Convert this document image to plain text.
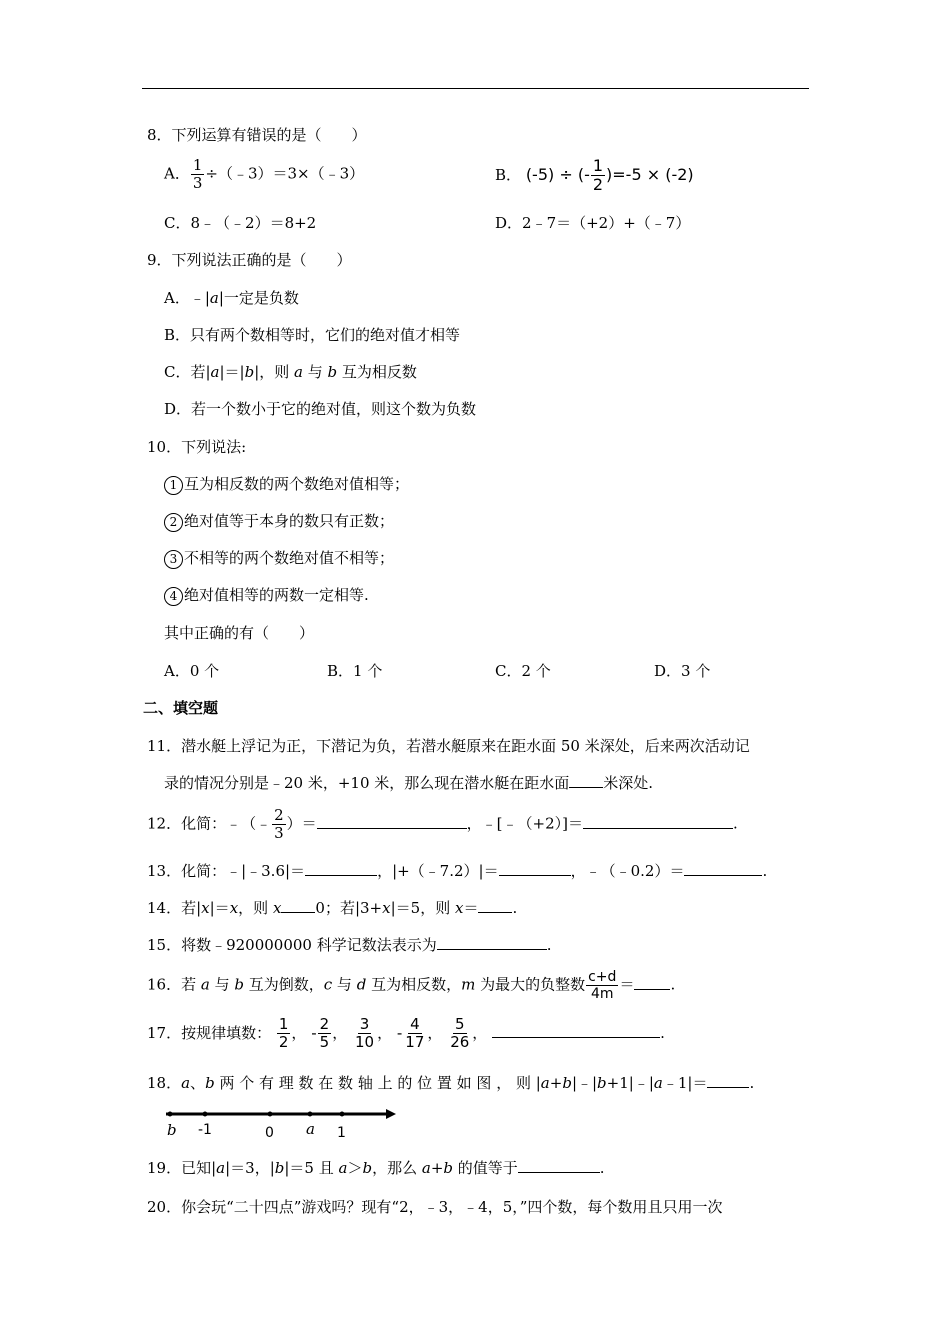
8．下列运算有错误的是（　　）
A． $\frac{1}{3}$ ÷（﹣3）＝3×（﹣3）	B． (-5) ÷ (- $\frac{1}{2} )=-5 \times (-2)$
C．8﹣（﹣2）＝8+2	D．2﹣7＝（+2）+（﹣7）
9．下列说法正确的是（　　）
A．﹣|a|一定是负数
B．只有两个数相等时，它们的绝对值才相等
C．若|a|＝|b|，则 a 与 b 互为相反数
D．若一个数小于它的绝对值，则这个数为负数
10．下列说法:
1 互为相反数的两个数绝对值相等；
2 绝对值等于本身的数只有正数；
3 不相等的两个数绝对值不相等；
4 绝对值相等的两数一定相等.
其中正确的有（　　）
A．0 个	B．1 个	C．2 个	D．3 个
二、填空题
11．潜水艇上浮记为正，下潜记为负，若潜水艇原来在距水面 50 米深处，后来两次活动记
录的情况分别是﹣20 米，+10 米，那么现在潜水艇在距水面 米深处.
12．化简：﹣（﹣ $\frac{2}{3}$ ）＝	，﹣[﹣（+2）]＝	.
13．化简：﹣|﹣3.6|＝	，|+（﹣7.2）|＝	，﹣（﹣0.2）＝	.
14．若|x|＝x，则 x 0；若|3+x|＝5，则 x＝ .
15．将数﹣920000000 科学记数法表示为	.
16．若 a 与 b 互为倒数，c 与 d 互为相反数，m 为最大的负整数 $\frac{c+d}{4m}$ ＝ .
17．按规律填数： $\frac{1}{2}$ ， - $\frac{2}{5}$ ， $\frac{3}{10}$ ， - $\frac{4}{17}$ ， $\frac{5}{26}$ ，	.
18．a、b 两 个 有 理 数 在 数 轴 上 的 位 置 如 图 ， 则 |a+b|﹣|b+1|﹣|a﹣1|＝	.
b -1	0 a 1
19．已知|a|＝3，|b|＝5 且 a＞b，那么 a+b 的值等于	.
20．你会玩“二十四点”游戏吗？现有“2，﹣3，﹣4，5，”四个数，每个数用且只用一次
